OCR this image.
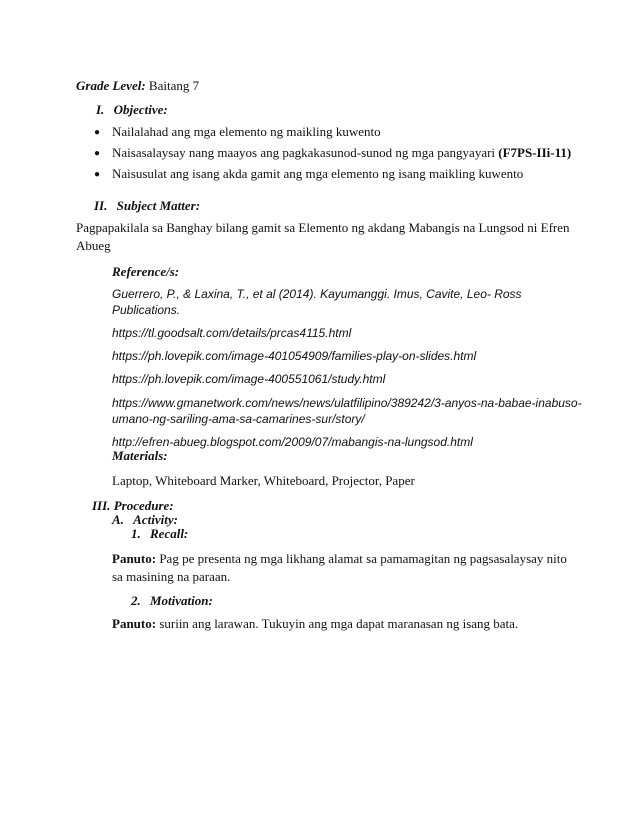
Grade Level: Baitang 7
I. Objective:
● Nailalahad ang mga elemento ng maikling kuwento
● Naisasalaysay nang maayos ang pagkakasunod-sunod ng mga pangyayari (F7PS-IIi-11)
● Naisusulat ang isang akda gamit ang mga elemento ng isang maikling kuwento
II. Subject Matter:
Pagpapakilala sa Banghay bilang gamit sa Elemento ng akdang Mabangis na Lungsod ni Efren
Abueg
Reference/s:
Guerrero, P., & Laxina, T., et al (2014). Kayumanggi. Imus, Cavite, Leo- Ross
Publications.
https://tl.goodsalt.com/details/prcas4115.html
https://ph.lovepik.com/image-401054909/families-play-on-slides.html
https://ph.lovepik.com/image-400551061/study.html
https://www.gmanetwork.com/news/news/ulatfilipino/389242/3-anyos-na-babae-inabuso-
umano-ng-sariling-ama-sa-camarines-sur/story/
http://efren-abueg.blogspot.com/2009/07/mabangis-na-lungsod.html
Materials:
Laptop, Whiteboard Marker, Whiteboard, Projector, Paper
III. Procedure:
A. Activity:
1. Recall:
Panuto: Pag pe presenta ng mga likhang alamat sa pamamagitan ng pagsasalaysay nito
sa masining na paraan.
2. Motivation:
Panuto: suriin ang larawan. Tukuyin ang mga dapat maranasan ng isang bata.
